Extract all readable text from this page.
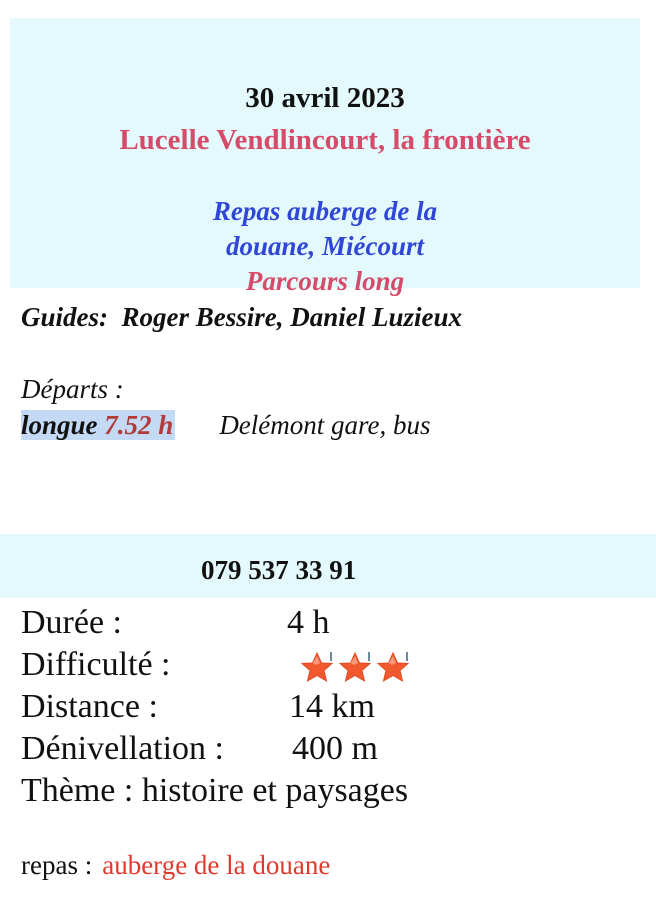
30 avril 2023
Lucelle Vendlincourt, la frontière
Repas auberge de la
douane, Miécourt
Parcours long
Guides:  Roger Bessire, Daniel Luzieux
Départs :
longue 7.52 h Delémont gare, bus
079 537 33 91
Durée :	4 h
Difficulté :
Distance :	14 km
Dénivellation : 400 m
Thème : histoire et paysages
repas : auberge de la douane
